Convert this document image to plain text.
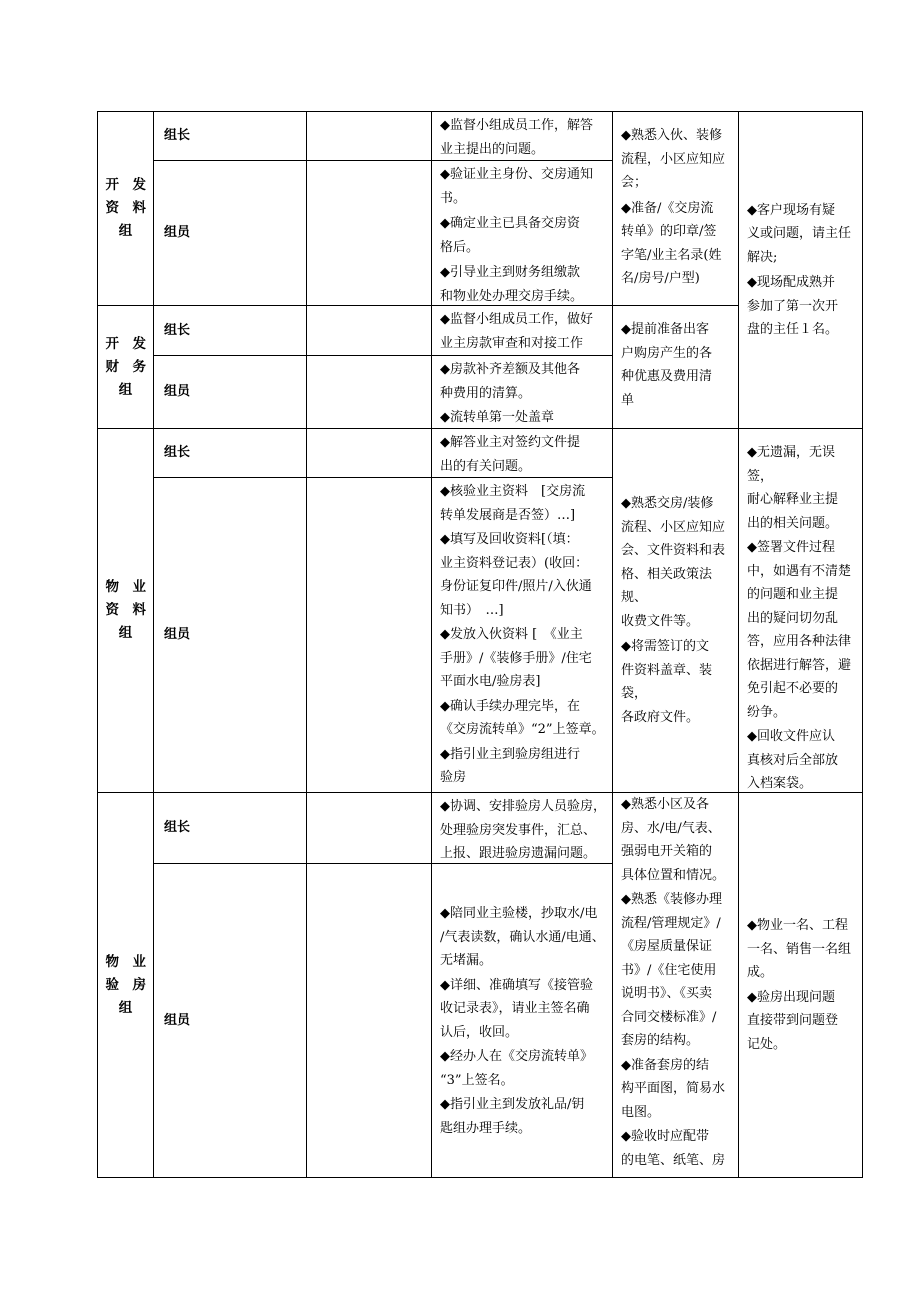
开　发
资　料
组
组长

◆监督小组成员工作，解答
业主提出的问题。

组员

◆验证业主身份、交房通知
书。

◆确定业主已具备交房资
格后。

◆引导业主到财务组缴款
和物业处办理交房手续。

◆熟悉入伙、装修
流程，小区应知应
会；

◆准备/《交房流
转单》的印章/签
字笔/业主名录(姓
名/房号/户型)

◆客户现场有疑
义或问题，请主任
解决;

◆现场配成熟并
参加了第一次开
盘的主任１名。

开　发
财　务
组
组长

◆监督小组成员工作，做好
业主房款审查和对接工作

组员

◆房款补齐差额及其他各
种费用的清算。

◆流转单第一处盖章

◆提前准备出客
户购房产生的各
种优惠及费用清
单

物　业
资　料
组
组长

◆解答业主对签约文件提
出的有关问题。

组员

◆核验业主资料　[交房流
转单发展商是否签）…]

◆填写及回收资料[（填：
业主资料登记表）(收回：
身份证复印件/照片/入伙通
知书）　…]

◆发放入伙资料 [　《业主
手册》/《装修手册》/住宅
平面水电/验房表]

◆确认手续办理完毕，在
《交房流转单》“2”上签章。

◆指引业主到验房组进行
验房

◆熟悉交房/装修
流程、小区应知应
会、文件资料和表
格、相关政策法规、
收费文件等。

◆将需签订的文
件资料盖章、装袋，
各政府文件。

◆无遗漏，无误签，
耐心解释业主提
出的相关问题。

◆签署文件过程
中，如遇有不清楚
的问题和业主提
出的疑问切勿乱
答，应用各种法律
依据进行解答，避
免引起不必要的
纷争。

◆回收文件应认
真核对后全部放
入档案袋。

物　业
验　房
组
组长

◆协调、安排验房人员验房，
处理验房突发事件，汇总、
上报、跟进验房遗漏问题。

组员

◆陪同业主验楼，抄取水/电
/气表读数，确认水通/电通、
无堵漏。

◆详细、准确填写《接管验
收记录表》，请业主签名确
认后，收回。

◆经办人在《交房流转单》
“3”上签名。

◆指引业主到发放礼品/钥
匙组办理手续。

◆熟悉小区及各
房、水/电/气表、
强弱电开关箱的
具体位置和情况。

◆熟悉《装修办理
流程/管理规定》/
《房屋质量保证
书》/《住宅使用
说明书》、《买卖
合同交楼标准》/
套房的结构。

◆准备套房的结
构平面图，简易水
电图。

◆验收时应配带
的电笔、纸笔、房

◆物业一名、工程
一名、销售一名组
成。

◆验房出现问题
直接带到问题登
记处。
